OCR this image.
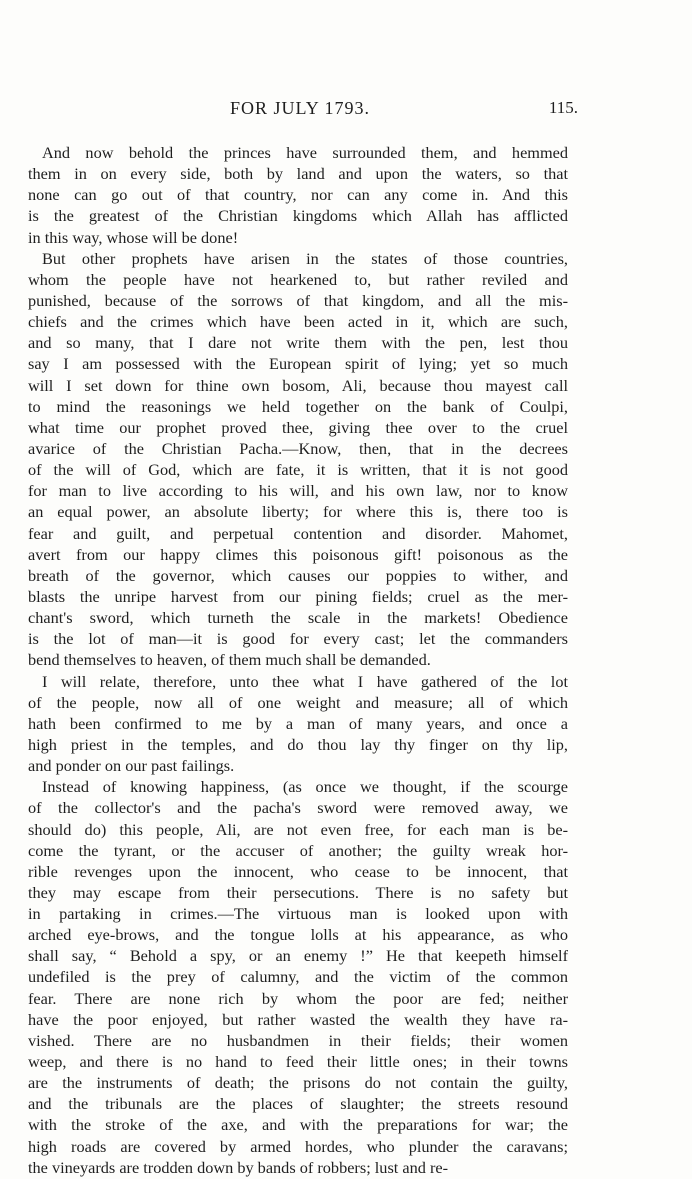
FOR JULY 1793.	115.
And now behold the princes have surrounded them, and hemmed
them in on every side, both by land and upon the waters, so that
none can go out of that country, nor can any come in. And this
is the greatest of the Christian kingdoms which Allah has afflicted
in this way, whose will be done!
But other prophets have arisen in the states of those countries,
whom the people have not hearkened to, but rather reviled and
punished, because of the sorrows of that kingdom, and all the mis-
chiefs and the crimes which have been acted in it, which are such,
and so many, that I dare not write them with the pen, lest thou
say I am possessed with the European spirit of lying; yet so much
will I set down for thine own bosom, Ali, because thou mayest call
to mind the reasonings we held together on the bank of Coulpi,
what time our prophet proved thee, giving thee over to the cruel
avarice of the Christian Pacha.—Know, then, that in the decrees
of the will of God, which are fate, it is written, that it is not good
for man to live according to his will, and his own law, nor to know
an equal power, an absolute liberty; for where this is, there too is
fear and guilt, and perpetual contention and disorder. Mahomet,
avert from our happy climes this poisonous gift! poisonous as the
breath of the governor, which causes our poppies to wither, and
blasts the unripe harvest from our pining fields; cruel as the mer-
chant's sword, which turneth the scale in the markets! Obedience
is the lot of man—it is good for every cast; let the commanders
bend themselves to heaven, of them much shall be demanded.
I will relate, therefore, unto thee what I have gathered of the lot
of the people, now all of one weight and measure; all of which
hath been confirmed to me by a man of many years, and once a
high priest in the temples, and do thou lay thy finger on thy lip,
and ponder on our past failings.
Instead of knowing happiness, (as once we thought, if the scourge
of the collector's and the pacha's sword were removed away, we
should do) this people, Ali, are not even free, for each man is be-
come the tyrant, or the accuser of another; the guilty wreak hor-
rible revenges upon the innocent, who cease to be innocent, that
they may escape from their persecutions. There is no safety but
in partaking in crimes.—The virtuous man is looked upon with
arched eye-brows, and the tongue lolls at his appearance, as who
shall say, “ Behold a spy, or an enemy !” He that keepeth himself
undefiled is the prey of calumny, and the victim of the common
fear. There are none rich by whom the poor are fed; neither
have the poor enjoyed, but rather wasted the wealth they have ra-
vished. There are no husbandmen in their fields; their women
weep, and there is no hand to feed their little ones; in their towns
are the instruments of death; the prisons do not contain the guilty,
and the tribunals are the places of slaughter; the streets resound
with the stroke of the axe, and with the preparations for war; the
high roads are covered by armed hordes, who plunder the caravans;
the vineyards are trodden down by bands of robbers; lust and re-
